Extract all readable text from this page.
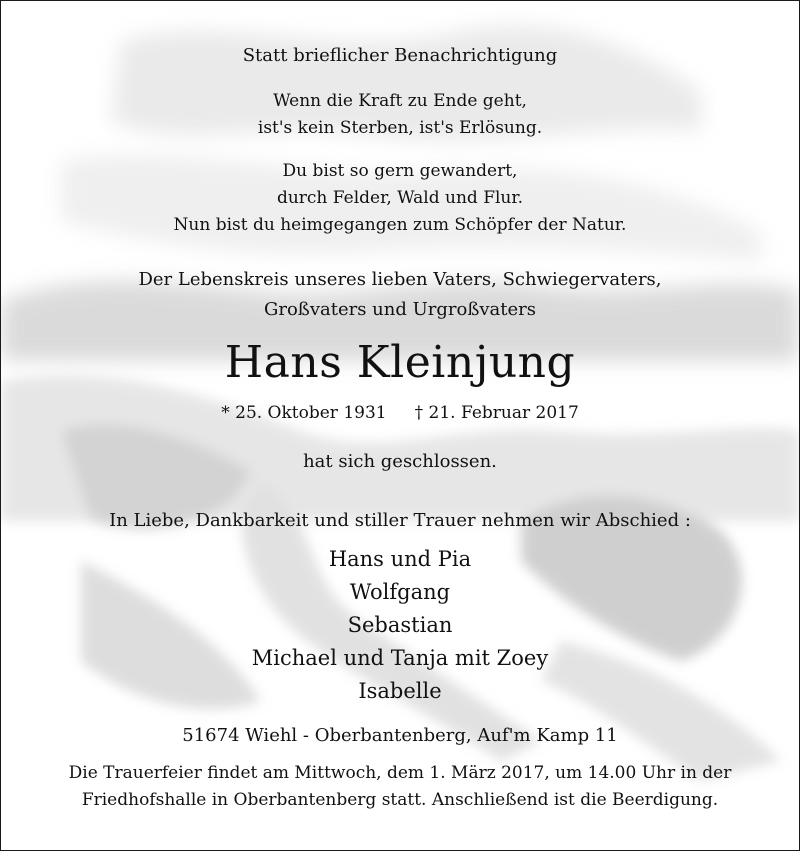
Statt brieflicher Benachrichtigung
Wenn die Kraft zu Ende geht,
ist's kein Sterben, ist's Erlösung.
Du bist so gern gewandert,
durch Felder, Wald und Flur.
Nun bist du heimgegangen zum Schöpfer der Natur.
Der Lebenskreis unseres lieben Vaters, Schwiegervaters,
Großvaters und Urgroßvaters
Hans Kleinjung
* 25. Oktober 1931 † 21. Februar 2017
hat sich geschlossen.
In Liebe, Dankbarkeit und stiller Trauer nehmen wir Abschied :
Hans und Pia
Wolfgang
Sebastian
Michael und Tanja mit Zoey
Isabelle
51674 Wiehl - Oberbantenberg, Auf'm Kamp 11
Die Trauerfeier findet am Mittwoch, dem 1. März 2017, um 14.00 Uhr in der
Friedhofshalle in Oberbantenberg statt. Anschließend ist die Beerdigung.
